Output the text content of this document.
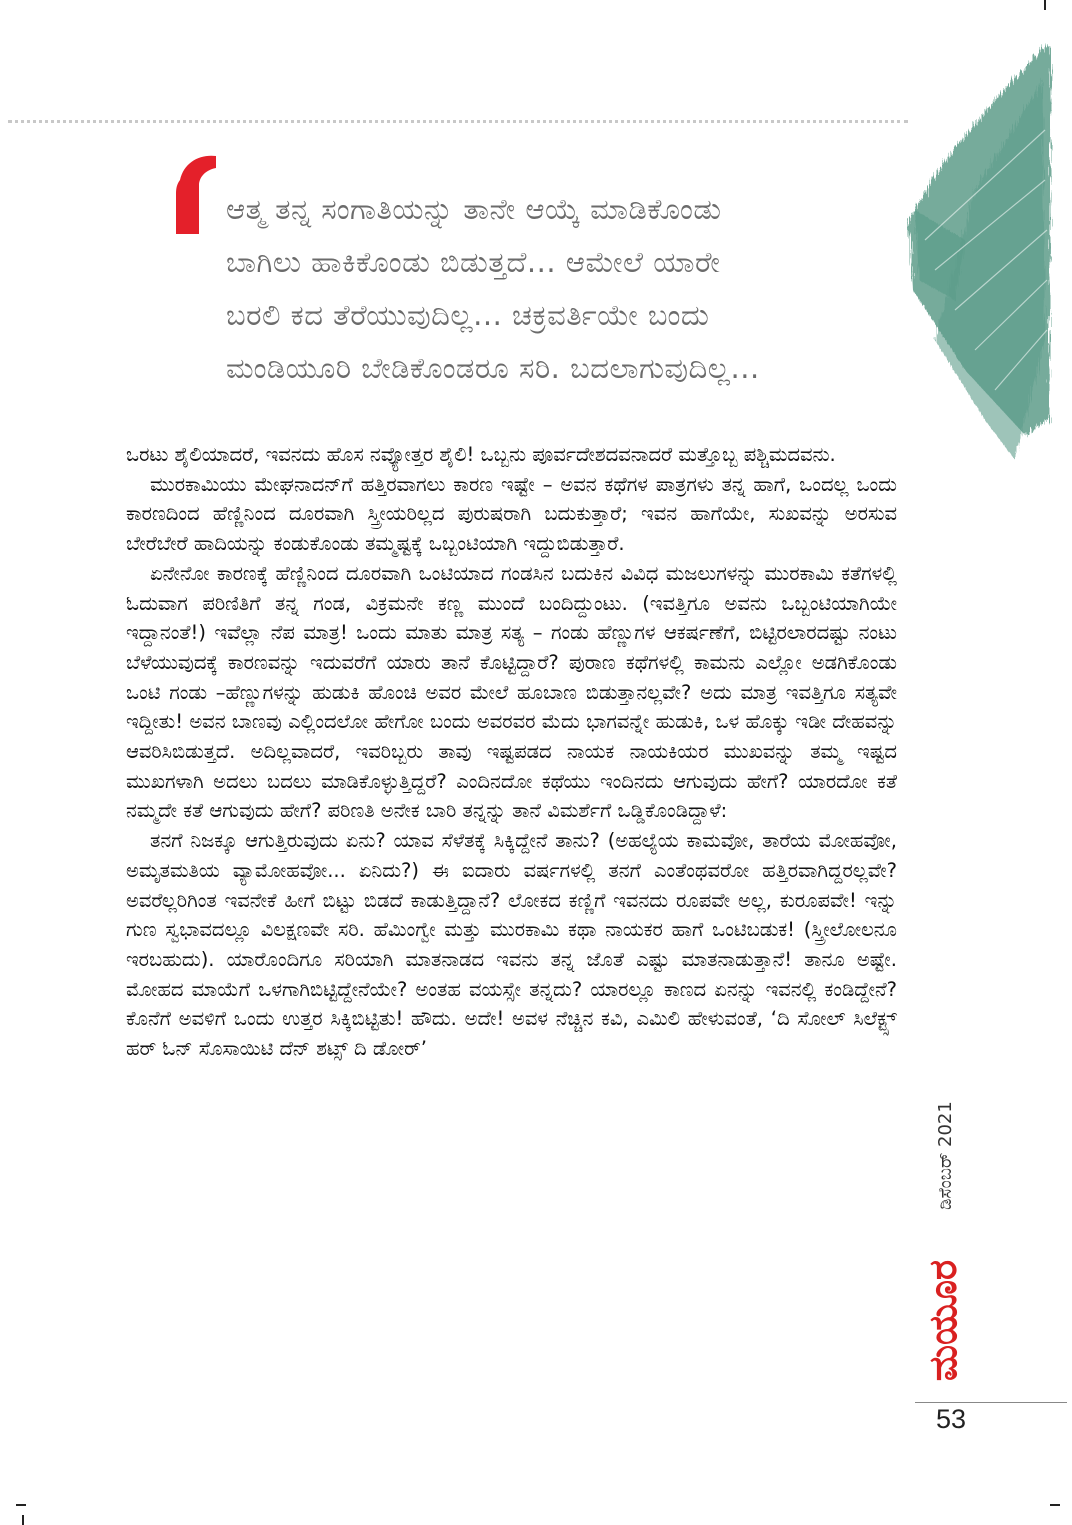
ಆತ್ಮ ತನ್ನ ಸಂಗಾತಿಯನ್ನು ತಾನೇ ಆಯ್ಕೆ ಮಾಡಿಕೊಂಡು
ಬಾಗಿಲು ಹಾಕಿಕೊಂಡು ಬಿಡುತ್ತದೆ... ಆಮೇಲೆ ಯಾರೇ
ಬರಲಿ ಕದ ತೆರೆಯುವುದಿಲ್ಲ... ಚಕ್ರವರ್ತಿಯೇ ಬಂದು
ಮಂಡಿಯೂರಿ ಬೇಡಿಕೊಂಡರೂ ಸರಿ. ಬದಲಾಗುವುದಿಲ್ಲ...

ಒರಟು ಶೈಲಿಯಾದರೆ, ಇವನದು ಹೊಸ ನವ್ಯೋತ್ತರ ಶೈಲಿ! ಒಬ್ಬನು ಪೂರ್ವದೇಶದವನಾದರೆ ಮತ್ತೊಬ್ಬ ಪಶ್ಚಿಮದವನು.

ಮುರಕಾಮಿಯು ಮೇಘನಾದನ್‌ಗೆ ಹತ್ತಿರವಾಗಲು ಕಾರಣ ಇಷ್ಟೇ – ಅವನ ಕಥೆಗಳ ಪಾತ್ರಗಳು ತನ್ನ ಹಾಗೆ, ಒಂದಲ್ಲ ಒಂದು ಕಾರಣದಿಂದ ಹೆಣ್ಣಿನಿಂದ ದೂರವಾಗಿ ಸ್ತ್ರೀಯರಿಲ್ಲದ ಪುರುಷರಾಗಿ ಬದುಕುತ್ತಾರೆ; ಇವನ ಹಾಗೆಯೇ, ಸುಖವನ್ನು ಅರಸುವ ಬೇರೆಬೇರೆ ಹಾದಿಯನ್ನು ಕಂಡುಕೊಂಡು ತಮ್ಮಷ್ಟಕ್ಕೆ ಒಬ್ಬಂಟಿಯಾಗಿ ಇದ್ದುಬಿಡುತ್ತಾರೆ.

ಏನೇನೋ ಕಾರಣಕ್ಕೆ ಹೆಣ್ಣಿನಿಂದ ದೂರವಾಗಿ ಒಂಟಿಯಾದ ಗಂಡಸಿನ ಬದುಕಿನ ವಿವಿಧ ಮಜಲುಗಳನ್ನು ಮುರಕಾಮಿ ಕತೆಗಳಲ್ಲಿ ಓದುವಾಗ ಪರಿಣಿತಿಗೆ ತನ್ನ ಗಂಡ, ವಿಕ್ರಮನೇ ಕಣ್ಣ ಮುಂದೆ ಬಂದಿದ್ದುಂಟು. (ಇವತ್ತಿಗೂ ಅವನು ಒಬ್ಬಂಟಿಯಾಗಿಯೇ ಇದ್ದಾನಂತೆ!) ಇವೆಲ್ಲಾ ನೆಪ ಮಾತ್ರ! ಒಂದು ಮಾತು ಮಾತ್ರ ಸತ್ಯ – ಗಂಡು ಹೆಣ್ಣುಗಳ ಆಕರ್ಷಣೆಗೆ, ಬಿಟ್ಟಿರಲಾರದಷ್ಟು ನಂಟು ಬೆಳೆಯುವುದಕ್ಕೆ ಕಾರಣವನ್ನು ಇದುವರೆಗೆ ಯಾರು ತಾನೆ ಕೊಟ್ಟಿದ್ದಾರೆ? ಪುರಾಣ ಕಥೆಗಳಲ್ಲಿ ಕಾಮನು ಎಲ್ಲೋ ಅಡಗಿಕೊಂಡು ಒಂಟಿ ಗಂಡು –ಹೆಣ್ಣುಗಳನ್ನು ಹುಡುಕಿ ಹೊಂಚಿ ಅವರ ಮೇಲೆ ಹೂಬಾಣ ಬಿಡುತ್ತಾನಲ್ಲವೇ? ಅದು ಮಾತ್ರ ಇವತ್ತಿಗೂ ಸತ್ಯವೇ ಇದ್ದೀತು! ಅವನ ಬಾಣವು ಎಲ್ಲಿಂದಲೋ ಹೇಗೋ ಬಂದು ಅವರವರ ಮೆದು ಭಾಗವನ್ನೇ ಹುಡುಕಿ, ಒಳ ಹೊಕ್ಕು ಇಡೀ ದೇಹವನ್ನು ಆವರಿಸಿಬಿಡುತ್ತದೆ. ಅದಿಲ್ಲವಾದರೆ, ಇವರಿಬ್ಬರು ತಾವು ಇಷ್ಟಪಡದ ನಾಯಕ ನಾಯಕಿಯರ ಮುಖವನ್ನು ತಮ್ಮ ಇಷ್ಟದ ಮುಖಗಳಾಗಿ ಅದಲು ಬದಲು ಮಾಡಿಕೊಳ್ಳುತ್ತಿದ್ದರೆ? ಎಂದಿನದೋ ಕಥೆಯು ಇಂದಿನದು ಆಗುವುದು ಹೇಗೆ? ಯಾರದೋ ಕತೆ ನಮ್ಮದೇ ಕತೆ ಆಗುವುದು ಹೇಗೆ? ಪರಿಣತಿ ಅನೇಕ ಬಾರಿ ತನ್ನನ್ನು ತಾನೆ ವಿಮರ್ಶೆಗೆ ಒಡ್ಡಿಕೊಂಡಿದ್ದಾಳೆ:

ತನಗೆ ನಿಜಕ್ಕೂ ಆಗುತ್ತಿರುವುದು ಏನು? ಯಾವ ಸೆಳೆತಕ್ಕೆ ಸಿಕ್ಕಿದ್ದೇನೆ ತಾನು? (ಅಹಲ್ಯೆಯ ಕಾಮವೋ, ತಾರೆಯ ಮೋಹವೋ, ಅಮೃತಮತಿಯ ವ್ಯಾಮೋಹವೋ... ಏನಿದು?) ಈ ಐದಾರು ವರ್ಷಗಳಲ್ಲಿ ತನಗೆ ಎಂತೆಂಥವರೋ ಹತ್ತಿರವಾಗಿದ್ದರಲ್ಲವೇ? ಅವರೆಲ್ಲರಿಗಿಂತ ಇವನೇಕೆ ಹೀಗೆ ಬಿಟ್ಟು ಬಿಡದೆ ಕಾಡುತ್ತಿದ್ದಾನೆ? ಲೋಕದ ಕಣ್ಣಿಗೆ ಇವನದು ರೂಪವೇ ಅಲ್ಲ, ಕುರೂಪವೇ! ಇನ್ನು ಗುಣ ಸ್ವಭಾವದಲ್ಲೂ ವಿಲಕ್ಷಣವೇ ಸರಿ. ಹೆಮಿಂಗ್ವೇ ಮತ್ತು ಮುರಕಾಮಿ ಕಥಾ ನಾಯಕರ ಹಾಗೆ ಒಂಟಿಬಡುಕ! (ಸ್ತ್ರೀಲೋಲನೂ ಇರಬಹುದು). ಯಾರೊಂದಿಗೂ ಸರಿಯಾಗಿ ಮಾತನಾಡದ ಇವನು ತನ್ನ ಜೊತೆ ಎಷ್ಟು ಮಾತನಾಡುತ್ತಾನೆ! ತಾನೂ ಅಷ್ಟೇ. ಮೋಹದ ಮಾಯೆಗೆ ಒಳಗಾಗಿಬಿಟ್ಟಿದ್ದೇನೆಯೇ? ಅಂತಹ ವಯಸ್ಸೇ ತನ್ನದು? ಯಾರಲ್ಲೂ ಕಾಣದ ಏನನ್ನು ಇವನಲ್ಲಿ ಕಂಡಿದ್ದೇನೆ? ಕೊನೆಗೆ ಅವಳಿಗೆ ಒಂದು ಉತ್ತರ ಸಿಕ್ಕಿಬಿಟ್ಟಿತು! ಹೌದು. ಅದೇ! ಅವಳ ನೆಚ್ಚಿನ ಕವಿ, ಎಮಿಲಿ ಹೇಳುವಂತೆ, ‘ದಿ ಸೋಲ್ ಸಿಲೆಕ್ಟ್ಸ್ ಹರ್ ಓನ್ ಸೊಸಾಯಿಟಿ ದೆನ್ ಶಟ್ಸ್ ದಿ ಡೋರ್’

ಡಿಸೆಂಬರ್ 2021
ಮಯೂರ
53
